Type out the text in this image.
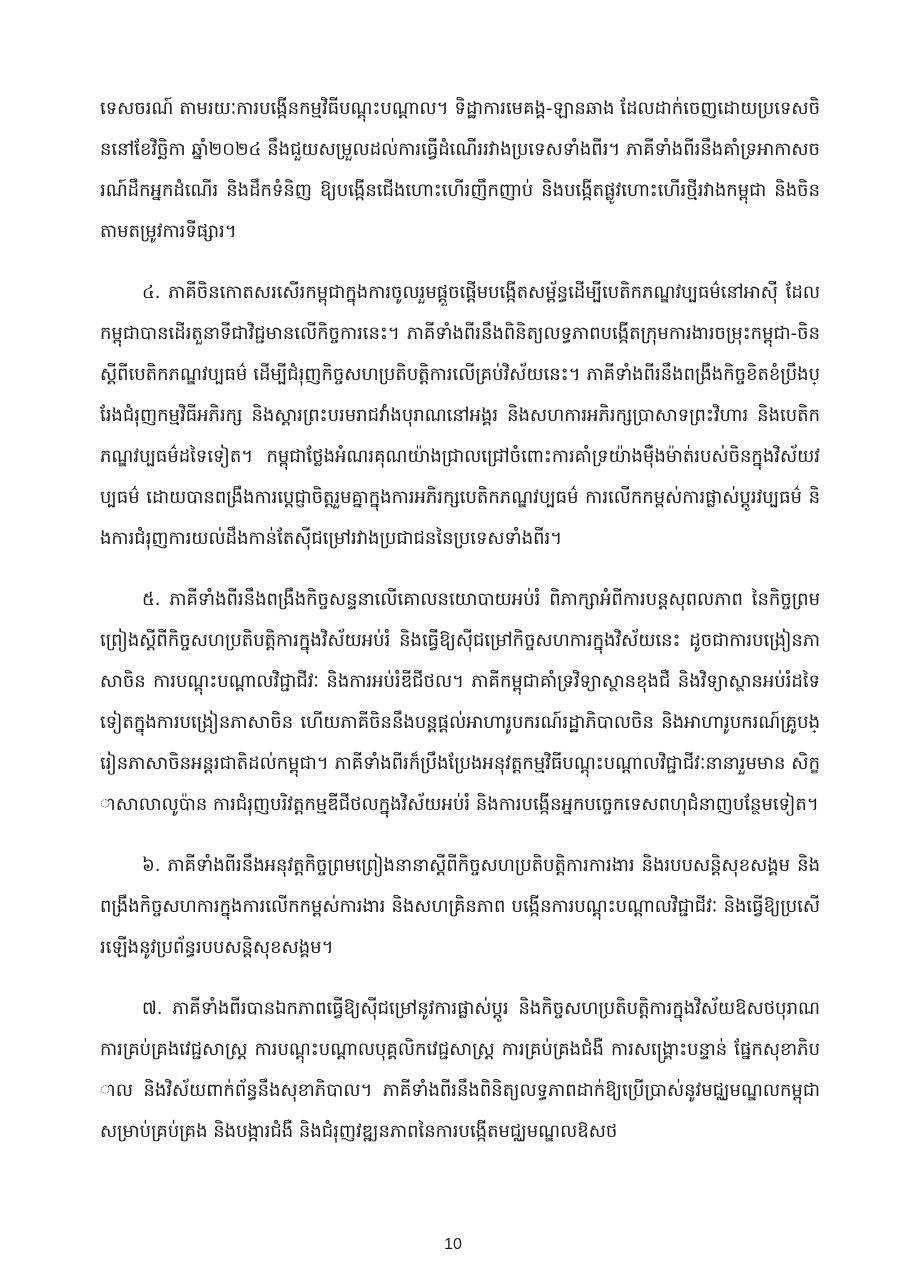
ទេសចរណ៍ តាមរយៈការបង្កើនកម្មវិធីបណ្តុះបណ្តាល។ ទិដ្ឋាការមេគង្គ-ឡានឆាង ដែលដាក់ចេញដោយប្រទេសចិននៅខែវិច្ឆិកា ឆ្នាំ២០២៤ នឹងជួយសម្រួលដល់ការធ្វើដំណើររវាងប្រទេសទាំងពីរ។ ភាគីទាំងពីរនឹងគាំទ្រអាកាសចរណ៍ដឹកអ្នកដំណើរ និងដឹកទំនិញ ឱ្យបង្កើនជើងហោះហើរញឹកញាប់ និងបង្កើតផ្លូវហោះហើរថ្មីរវាងកម្ពុជា និងចិន តាមតម្រូវការទីផ្សារ។

៤. ភាគីចិនកោតសរសើរកម្ពុជាក្នុងការចូលរួមផ្តួចផ្តើមបង្កើតសម្ព័ន្ធដើម្បីបេតិកភណ្ឌវប្បធម៌នៅអាស៊ី ដែលកម្ពុជាបានដើរតួនាទីជាវិជ្ជមានលើកិច្ចការនេះ។ ភាគីទាំងពីរនឹងពិនិត្យលទ្ធភាពបង្កើតក្រុមការងារចម្រុះកម្ពុជា-ចិនស្តីពីបេតិកភណ្ឌវប្បធម៌ ដើម្បីជំរុញកិច្ចសហប្រតិបត្តិការលើគ្រប់វិស័យនេះ។ ភាគីទាំងពីរនឹងពង្រឹងកិច្ចខិតខំប្រឹងប្រែងជំរុញកម្មវិធីអភិរក្ស និងស្តារព្រះបរមរាជវាំងបុរាណនៅអង្គរ និងសហការអភិរក្សប្រាសាទព្រះវិហារ និងបេតិកភណ្ឌវប្បធម៌ដទៃទៀត។ កម្ពុជាថ្លែងអំណរគុណយ៉ាងជ្រាលជ្រៅចំពោះការគាំទ្រយ៉ាងម៉ឺងម៉ាត់របស់ចិនក្នុងវិស័យវប្បធម៌ ដោយបានពង្រឹងការប្តេជ្ញាចិត្តរួមគ្នាក្នុងការអភិរក្សបេតិកភណ្ឌវប្បធម៌ ការលើកកម្ពស់ការផ្លាស់ប្តូរវប្បធម៌ និងការជំរុញការយល់ដឹងកាន់តែស៊ីជម្រៅរវាងប្រជាជននៃប្រទេសទាំងពីរ។

៥. ភាគីទាំងពីរនឹងពង្រឹងកិច្ចសន្ទនាលើគោលនយោបាយអប់រំ ពិភាក្សាអំពីការបន្តសុពលភាព នៃកិច្ចព្រមព្រៀងស្តីពីកិច្ចសហប្រតិបត្តិការក្នុងវិស័យអប់រំ និងធ្វើឱ្យស៊ីជម្រៅកិច្ចសហការក្នុងវិស័យនេះ ដូចជាការបង្រៀនភាសាចិន ការបណ្តុះបណ្តាលវិជ្ជាជីវៈ និងការអប់រំឌីជីថល។ ភាគីកម្ពុជាគាំទ្រវិទ្យាស្ថានខុងជឺ និងវិទ្យាស្ថានអប់រំដទៃទៀតក្នុងការបង្រៀនភាសាចិន ហើយភាគីចិននឹងបន្តផ្តល់អាហារូបករណ៍រដ្ឋាភិបាលចិន និងអាហារូបករណ៍គ្រូបង្រៀនភាសាចិនអន្តរជាតិដល់កម្ពុជា។ ភាគីទាំងពីរក៏ប្រឹងប្រែងអនុវត្តកម្មវិធីបណ្តុះបណ្តាលវិជ្ជាជីវៈនានារួមមាន សិក្ខាសាលាលូប៉ាន ការជំរុញបរិវត្តកម្មឌីជីថលក្នុងវិស័យអប់រំ និងការបង្កើនអ្នកបច្ចេកទេសពហុជំនាញបន្ថែមទៀត។

៦. ភាគីទាំងពីរនឹងអនុវត្តកិច្ចព្រមព្រៀងនានាស្តីពីកិច្ចសហប្រតិបត្តិការការងារ និងរបបសន្តិសុខសង្គម និងពង្រឹងកិច្ចសហការក្នុងការលើកកម្ពស់ការងារ និងសហគ្រិនភាព បង្កើនការបណ្តុះបណ្តាលវិជ្ជាជីវៈ និងធ្វើឱ្យប្រសើរឡើងនូវប្រព័ន្ធរបបសន្តិសុខសង្គម។

៧. ភាគីទាំងពីរបានឯកភាពធ្វើឱ្យស៊ីជម្រៅនូវការផ្លាស់ប្តូរ និងកិច្ចសហប្រតិបត្តិការក្នុងវិស័យឱសថបុរាណ ការគ្រប់គ្រងវេជ្ជសាស្ត្រ ការបណ្តុះបណ្តាលបុគ្គលិកវេជ្ជសាស្ត្រ ការគ្រប់គ្រងជំងឺ ការសង្គ្រោះបន្ទាន់ ផ្នែកសុខាភិបាល និងវិស័យពាក់ព័ន្ធនឹងសុខាភិបាល។ ភាគីទាំងពីរនឹងពិនិត្យលទ្ធភាពដាក់ឱ្យប្រើប្រាស់នូវមជ្ឈមណ្ឌលកម្ពុជាសម្រាប់គ្រប់គ្រង និងបង្ការជំងឺ និងជំរុញវឌ្ឍនភាពនៃការបង្កើតមជ្ឈមណ្ឌលឱសថ

10
